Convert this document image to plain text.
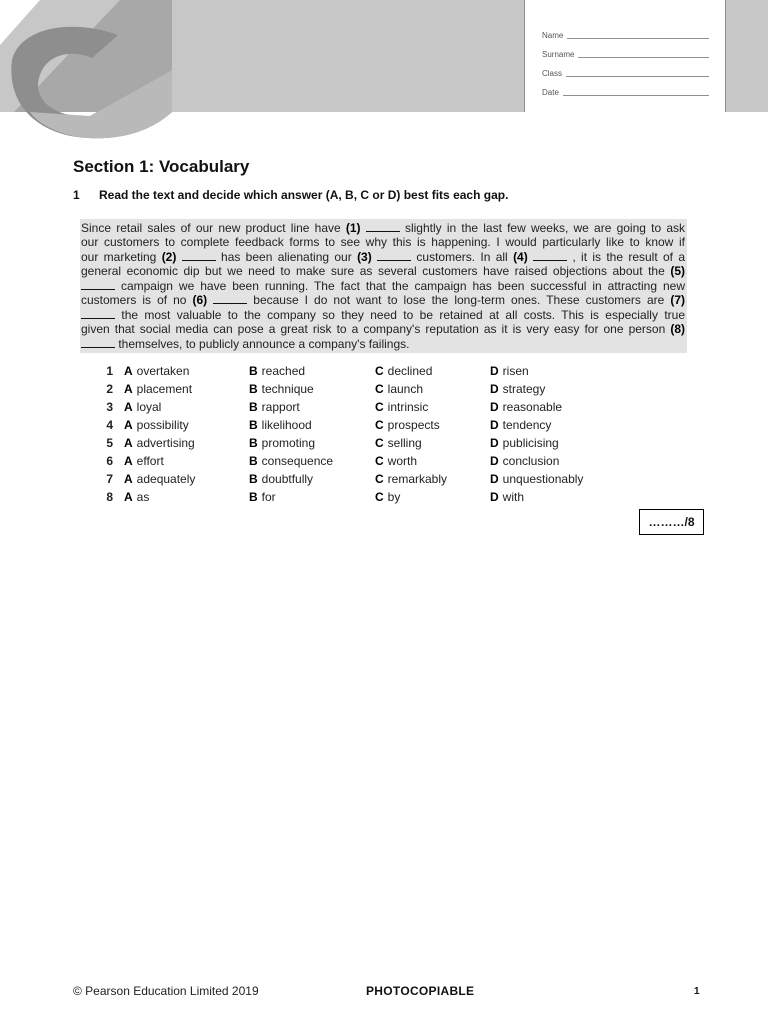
Name
Surname
Class
Date
Section 1: Vocabulary
1 Read the text and decide which answer (A, B, C or D) best fits each gap.
Since retail sales of our new product line have (1)	slightly in the last few weeks, we are going to ask
our customers to complete feedback forms to see why this is happening. I would particularly like to know if
our marketing (2)	has been alienating our (3)	customers. In all (4)	, it is the result of a
general economic dip but we need to make sure as several customers have raised objections about the (5)
campaign we have been running. The fact that the campaign has been successful in attracting new
customers is of no (6)	because I do not want to lose the long-term ones. These customers are (7)
the most valuable to the company so they need to be retained at all costs. This is especially true
given that social media can pose a great risk to a company's reputation as it is very easy for one person (8)
themselves, to publicly announce a company's failings.
1 A overtaken	B reached	C declined	D risen
2 A placement	B technique	C launch	D strategy
3 A loyal	B rapport	C intrinsic	D reasonable
4 A possibility	B likelihood	C prospects	D tendency
5 A advertising	B promoting	C selling	D publicising
6 A effort	B consequence	C worth	D conclusion
7 A adequately	B doubtfully	C remarkably	D unquestionably
8 A as	B for	C by	D with
………/8
© Pearson Education Limited 2019	PHOTOCOPIABLE	1
